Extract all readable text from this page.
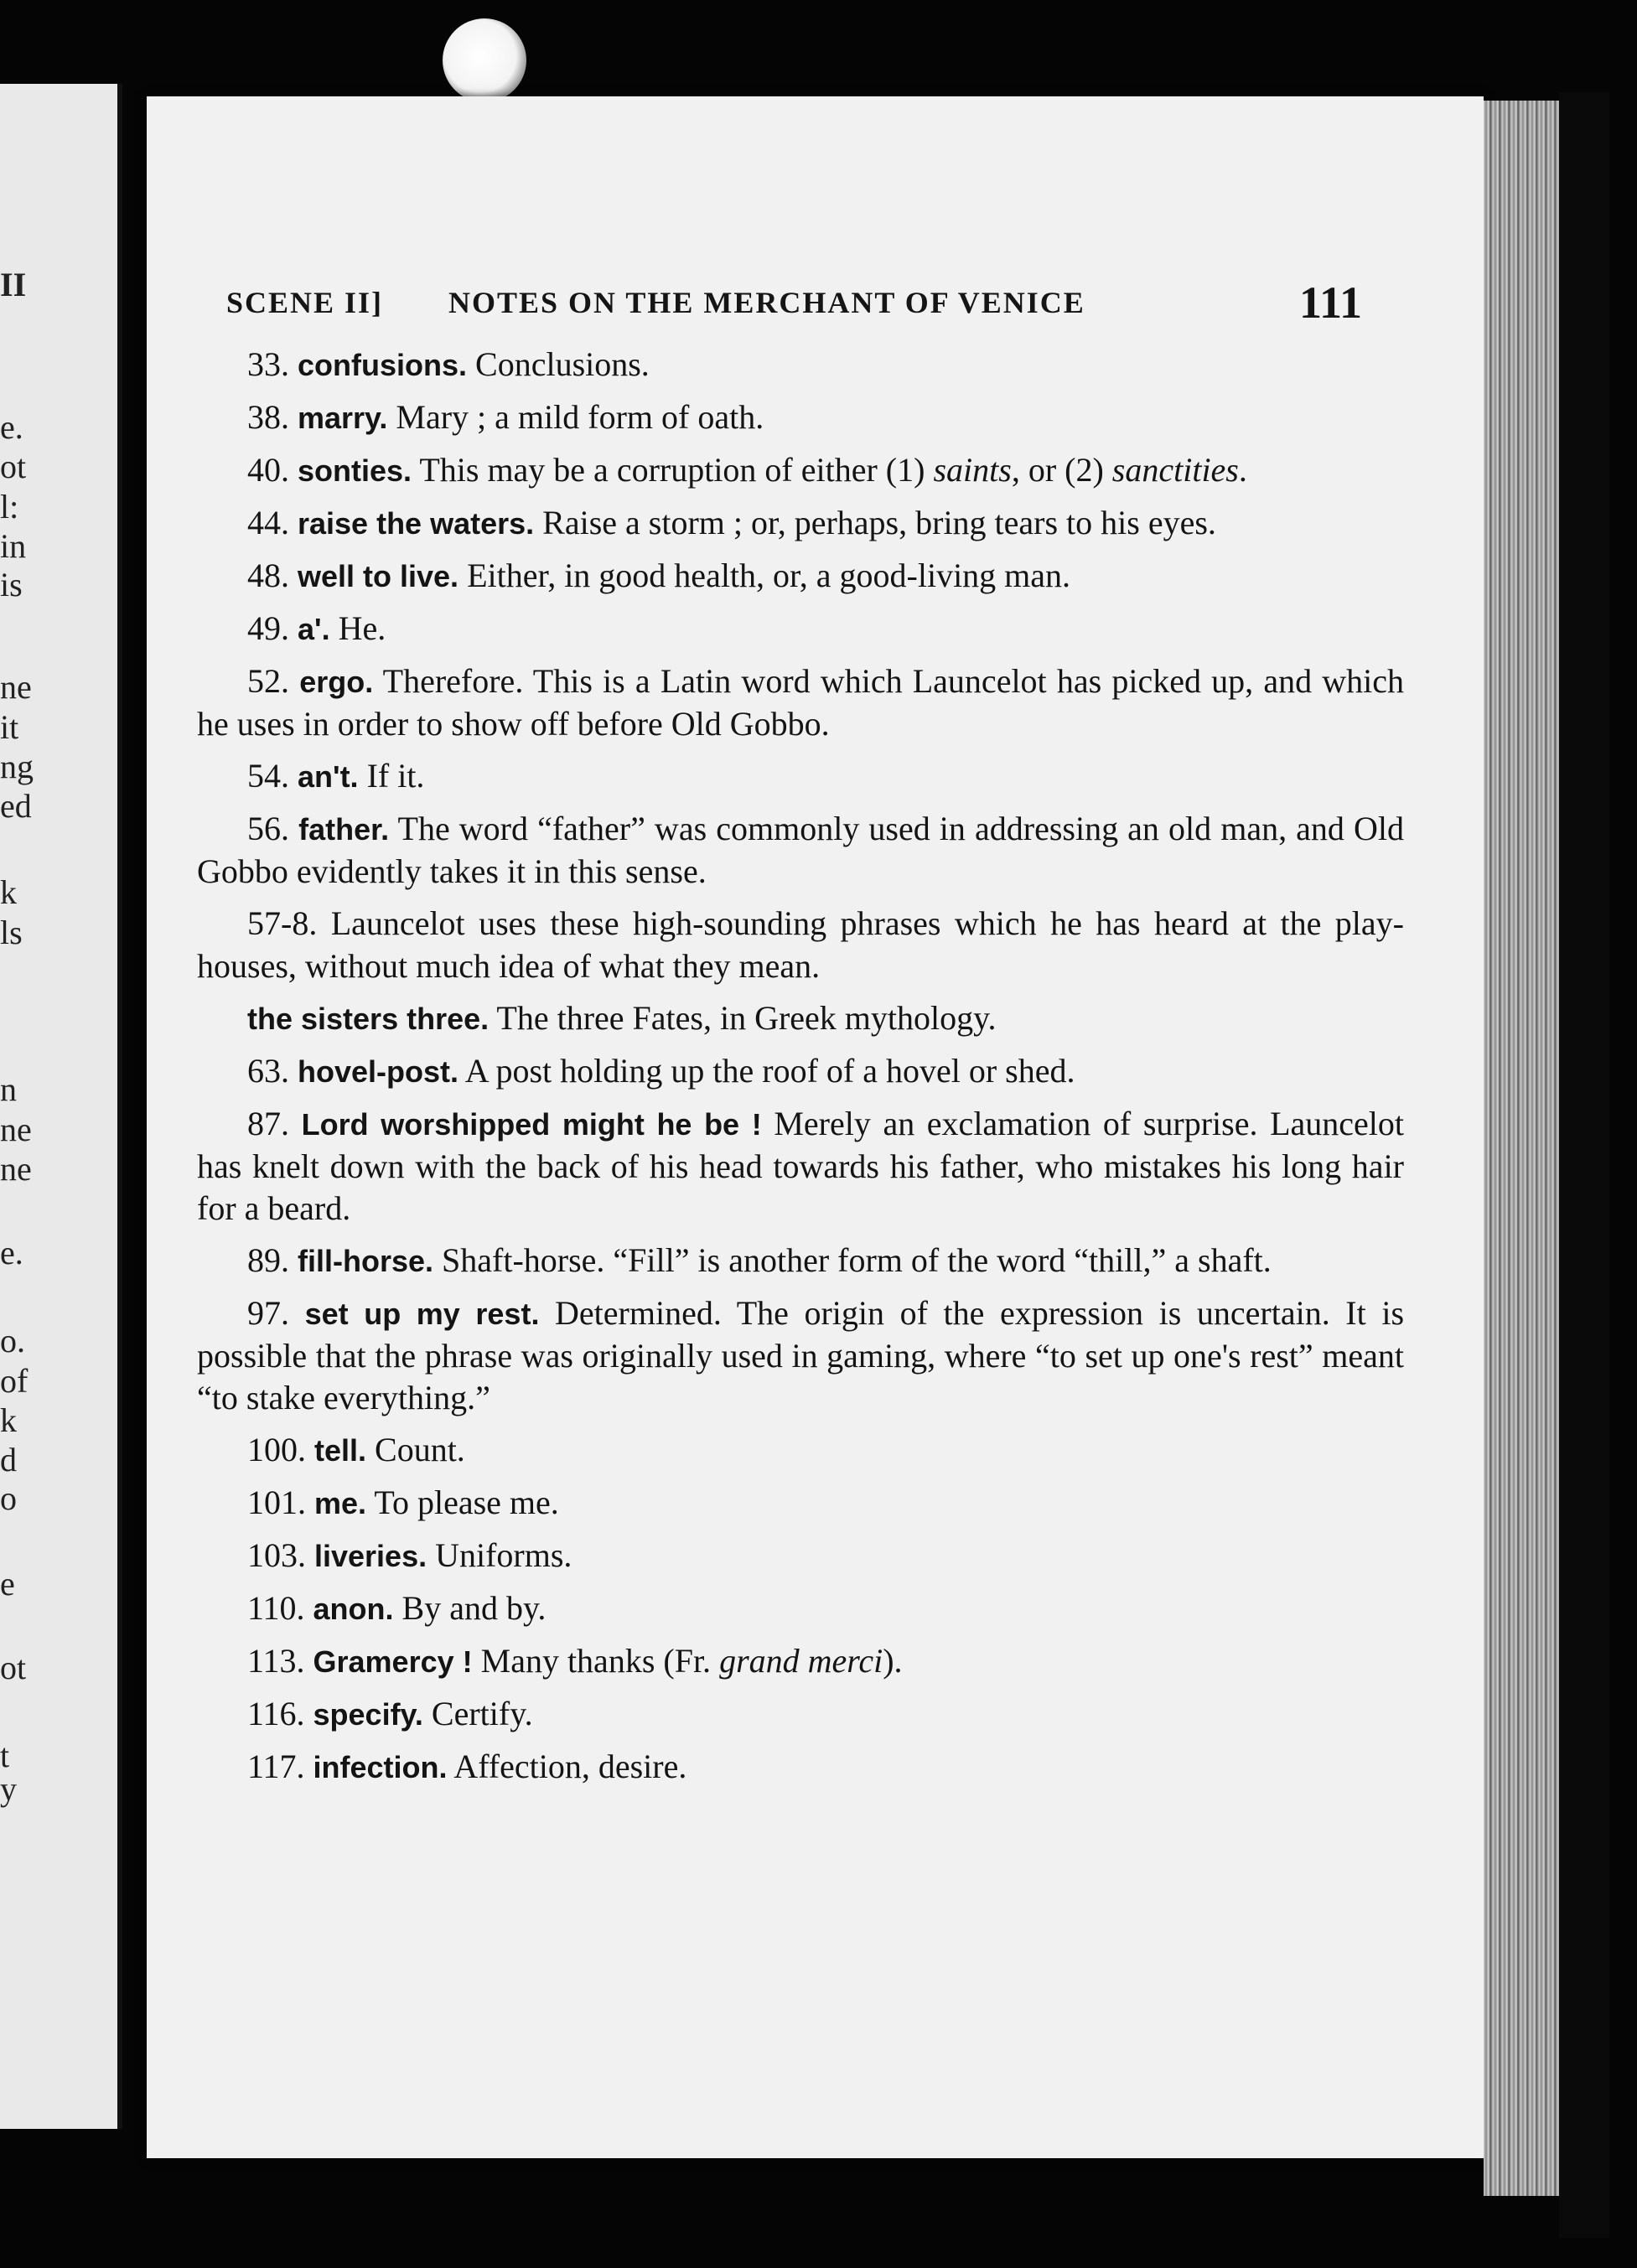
II
e.
ot
l:
in
is
ne
it
ng
ed
k
ls
n
ne
ne
e.
o.
of
k
d
o
e
ot
t
y
SCENE II] NOTES ON THE MERCHANT OF VENICE	111
33. confusions. Conclusions.
38. marry. Mary ; a mild form of oath.
40. sonties. This may be a corruption of either (1) saints, or (2) sanctities.
44. raise the waters. Raise a storm ; or, perhaps, bring tears to his eyes.
48. well to live. Either, in good health, or, a good-living man.
49. a'. He.
52. ergo. Therefore. This is a Latin word which Launcelot has picked up, and which he uses in order to show off before Old Gobbo.
54. an't. If it.
56. father. The word “father” was commonly used in addressing an old man, and Old Gobbo evidently takes it in this sense.
57-8. Launcelot uses these high-sounding phrases which he has heard at the play-houses, without much idea of what they mean.
the sisters three. The three Fates, in Greek mythology.
63. hovel-post. A post holding up the roof of a hovel or shed.
87. Lord worshipped might he be ! Merely an exclamation of surprise. Launcelot has knelt down with the back of his head towards his father, who mistakes his long hair for a beard.
89. fill-horse. Shaft-horse. “Fill” is another form of the word “thill,” a shaft.
97. set up my rest. Determined. The origin of the expression is uncertain. It is possible that the phrase was originally used in gaming, where “to set up one's rest” meant “to stake everything.”
100. tell. Count.
101. me. To please me.
103. liveries. Uniforms.
110. anon. By and by.
113. Gramercy ! Many thanks (Fr. grand merci).
116. specify. Certify.
117. infection. Affection, desire.
